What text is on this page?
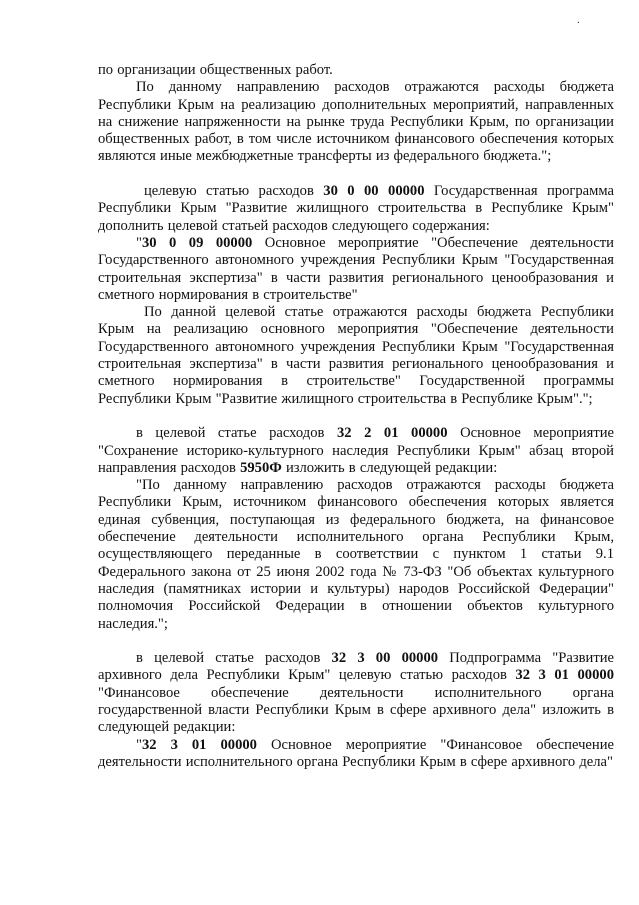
.

по организации общественных работ.

По данному направлению расходов отражаются расходы бюджета Республики Крым на реализацию дополнительных мероприятий, направленных на снижение напряженности на рынке труда Республики Крым, по организации общественных работ, в том числе источником финансового обеспечения которых являются иные межбюджетные трансферты из федерального бюджета.";

целевую статью расходов 30 0 00 00000 Государственная программа Республики Крым "Развитие жилищного строительства в Республике Крым" дополнить целевой статьей расходов следующего содержания:

"30 0 09 00000 Основное мероприятие "Обеспечение деятельности Государственного автономного учреждения Республики Крым "Государственная строительная экспертиза" в части развития регионального ценообразования и сметного нормирования в строительстве"

По данной целевой статье отражаются расходы бюджета Республики Крым на реализацию основного мероприятия "Обеспечение деятельности Государственного автономного учреждения Республики Крым "Государственная строительная экспертиза" в части развития регионального ценообразования и сметного нормирования в строительстве" Государственной программы Республики Крым "Развитие жилищного строительства в Республике Крым".";

в целевой статье расходов 32 2 01 00000 Основное мероприятие "Сохранение историко-культурного наследия Республики Крым" абзац второй направления расходов 5950Ф изложить в следующей редакции:

"По данному направлению расходов отражаются расходы бюджета Республики Крым, источником финансового обеспечения которых является единая субвенция, поступающая из федерального бюджета, на финансовое обеспечение деятельности исполнительного органа Республики Крым, осуществляющего переданные в соответствии с пунктом 1 статьи 9.1 Федерального закона от 25 июня 2002 года № 73-ФЗ "Об объектах культурного наследия (памятниках истории и культуры) народов Российской Федерации" полномочия Российской Федерации в отношении объектов культурного наследия.";

в целевой статье расходов 32 3 00 00000 Подпрограмма "Развитие архивного дела Республики Крым" целевую статью расходов 32 3 01 00000 "Финансовое обеспечение деятельности исполнительного органа государственной власти Республики Крым в сфере архивного дела" изложить в следующей редакции:

"32 3 01 00000 Основное мероприятие "Финансовое обеспечение деятельности исполнительного органа Республики Крым в сфере архивного дела"
